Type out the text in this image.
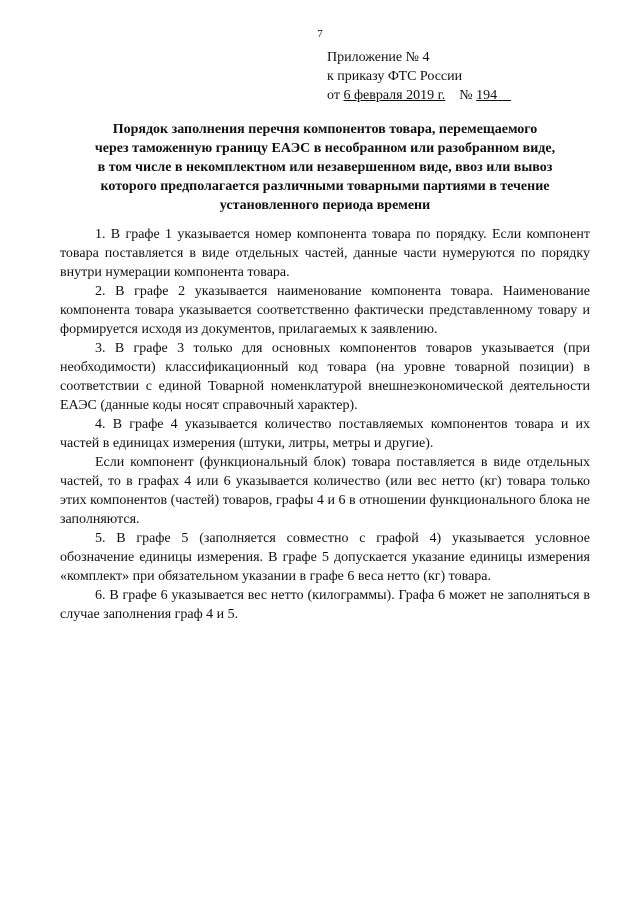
7
Приложение № 4
к приказу ФТС России
от 6 февраля 2019 г. № 194
Порядок заполнения перечня компонентов товара, перемещаемого
через таможенную границу ЕАЭС в несобранном или разобранном виде,
в том числе в некомплектном или незавершенном виде, ввоз или вывоз
которого предполагается различными товарными партиями в течение
установленного периода времени

1. В графе 1 указывается номер компонента товара по порядку. Если компонент товара поставляется в виде отдельных частей, данные части нумеруются по порядку внутри нумерации компонента товара.

2. В графе 2 указывается наименование компонента товара. Наименование компонента товара указывается соответственно фактически представленному товару и формируется исходя из документов, прилагаемых к заявлению.

3. В графе 3 только для основных компонентов товаров указывается (при необходимости) классификационный код товара (на уровне товарной позиции) в соответствии с единой Товарной номенклатурой внешнеэкономической деятельности ЕАЭС (данные коды носят справочный характер).

4. В графе 4 указывается количество поставляемых компонентов товара и их частей в единицах измерения (штуки, литры, метры и другие).

Если компонент (функциональный блок) товара поставляется в виде отдельных частей, то в графах 4 или 6 указывается количество (или вес нетто (кг) товара только этих компонентов (частей) товаров, графы 4 и 6 в отношении функционального блока не заполняются.

5. В графе 5 (заполняется совместно с графой 4) указывается условное обозначение единицы измерения. В графе 5 допускается указание единицы измерения «комплект» при обязательном указании в графе 6 веса нетто (кг) товара.

6. В графе 6 указывается вес нетто (килограммы). Графа 6 может не заполняться в случае заполнения граф 4 и 5.
